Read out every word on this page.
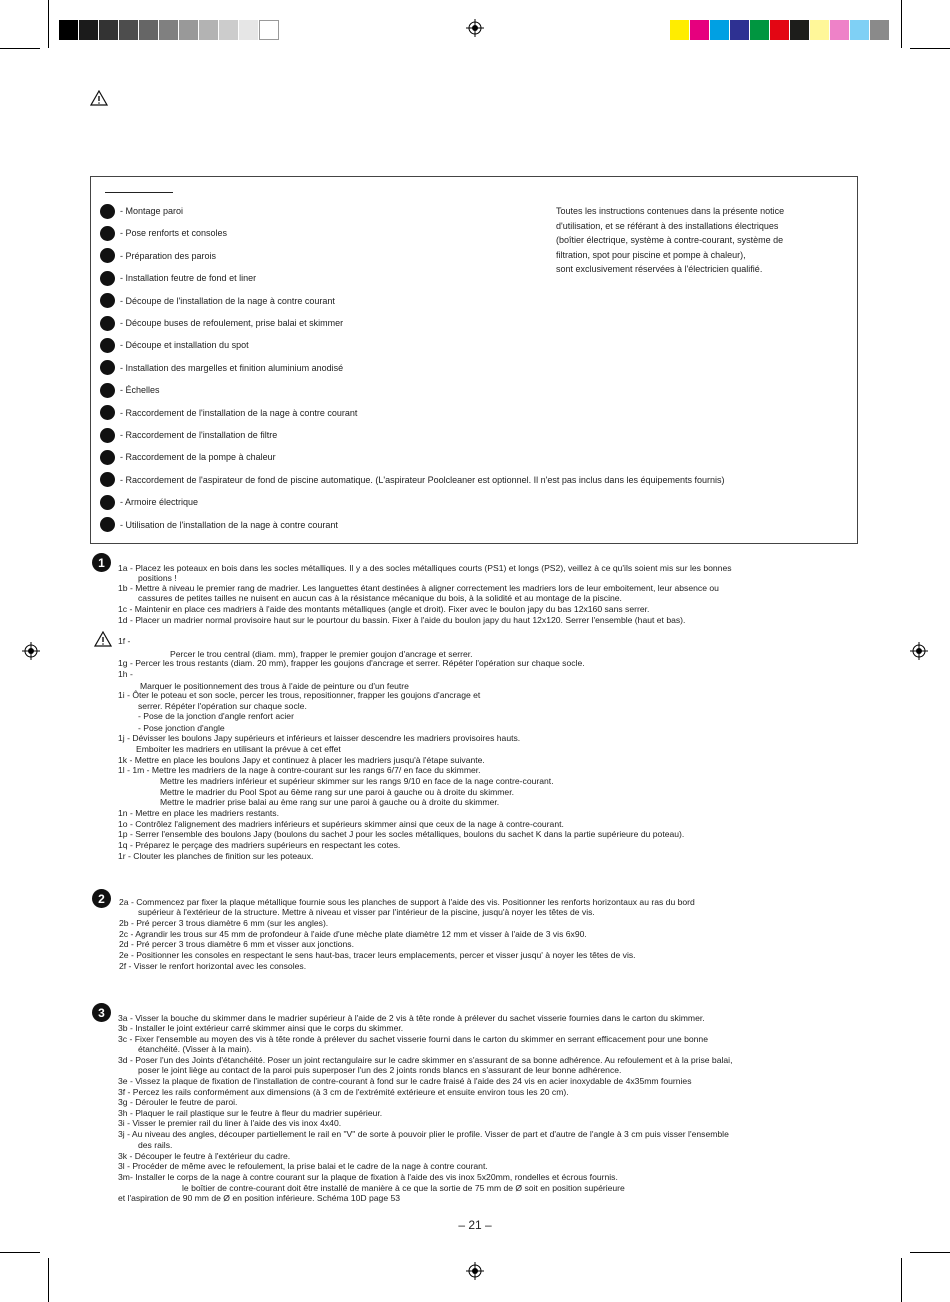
- Montage paroi
- Pose renforts et consoles
- Préparation des parois
- Installation feutre de fond et liner
- Découpe de l'installation de la nage à contre courant
- Découpe buses de refoulement, prise balai et skimmer
- Découpe et installation du spot
- Installation des margelles et finition aluminium anodisé
- Échelles
- Raccordement de l'installation de la nage à contre courant
- Raccordement de l'installation de filtre
- Raccordement de la pompe à chaleur
- Raccordement de l'aspirateur de fond de piscine automatique. (L'aspirateur Poolcleaner est optionnel. Il n'est pas inclus dans les équipements fournis)
- Armoire électrique
- Utilisation de l'installation de la nage à contre courant
Toutes les instructions contenues dans la présente notice
d'utilisation, et se référant à des installations électriques
(boîtier électrique, système à contre-courant, système de
filtration, spot pour piscine et pompe à chaleur),
sont exclusivement réservées à l'électricien qualifié.
1
2
3
1a - Placez les poteaux en bois dans les socles métalliques. Il y a des socles métalliques courts (PS1) et longs (PS2), veillez à ce qu'ils soient mis sur les bonnes
positions !
1b - Mettre à niveau le premier rang de madrier. Les languettes étant destinées à aligner correctement les madriers lors de leur emboitement, leur absence ou
cassures de petites tailles ne nuisent en aucun cas à la résistance mécanique du bois, à la solidité et au montage de la piscine.
1c - Maintenir en place ces madriers à l'aide des montants métalliques (angle et droit). Fixer avec le boulon japy du bas 12x160 sans serrer.
1d - Placer un madrier normal provisoire haut sur le pourtour du bassin. Fixer à l'aide du boulon japy du haut 12x120. Serrer l'ensemble (haut et bas).
1f -
Percer le trou central (diam. mm), frapper le premier goujon d'ancrage et serrer.
1g - Percer les trous restants (diam. 20 mm), frapper les goujons d'ancrage et serrer. Répéter l'opération sur chaque socle.
1h -
Marquer le positionnement des trous à l'aide de peinture ou d'un feutre
1i - Ôter le poteau et son socle, percer les trous, repositionner, frapper les goujons d'ancrage et
serrer. Répéter l'opération sur chaque socle.
- Pose de la jonction d'angle renfort acier
- Pose jonction d'angle
1j - Dévisser les boulons Japy supérieurs et inférieurs et laisser descendre les madriers provisoires hauts.
Emboiter les madriers en utilisant la prévue à cet effet
1k - Mettre en place les boulons Japy et continuez à placer les madriers jusqu'à l'étape suivante.
1l - 1m - Mettre les madriers de la nage à contre-courant sur les rangs 6/7/ en face du skimmer.
Mettre les madriers inférieur et supérieur skimmer sur les rangs 9/10 en face de la nage contre-courant.
Mettre le madrier du Pool Spot au 6ème rang sur une paroi à gauche ou à droite du skimmer.
Mettre le madrier prise balai au ème rang sur une paroi à gauche ou à droite du skimmer.
1n - Mettre en place les madriers restants.
1o - Contrôlez l'alignement des madriers inférieurs et supérieurs skimmer ainsi que ceux de la nage à contre-courant.
1p - Serrer l'ensemble des boulons Japy (boulons du sachet J pour les socles métalliques, boulons du sachet K dans la partie supérieure du poteau).
1q - Préparez le perçage des madriers supérieurs en respectant les cotes.
1r - Clouter les planches de finition sur les poteaux.
2a - Commencez par fixer la plaque métallique fournie sous les planches de support à l'aide des vis. Positionner les renforts horizontaux au ras du bord
supérieur à l'extérieur de la structure. Mettre à niveau et visser par l'intérieur de la piscine, jusqu'à noyer les têtes de vis.
2b - Pré percer 3 trous diamètre 6 mm (sur les angles).
2c - Agrandir les trous sur 45 mm de profondeur à l'aide d'une mèche plate diamètre 12 mm et visser à l'aide de 3 vis 6x90.
2d - Pré percer 3 trous diamètre 6 mm et visser aux jonctions.
2e - Positionner les consoles en respectant le sens haut-bas, tracer leurs emplacements, percer et visser jusqu' à noyer les têtes de vis.
2f - Visser le renfort horizontal avec les consoles.
3a - Visser la bouche du skimmer dans le madrier supérieur à l'aide de 2 vis à tête ronde à prélever du sachet visserie fournies dans le carton du skimmer.
3b - Installer le joint extérieur carré skimmer ainsi que le corps du skimmer.
3c - Fixer l'ensemble au moyen des vis à tête ronde à prélever du sachet visserie fourni dans le carton du skimmer en serrant efficacement pour une bonne
étanchéité. (Visser à la main).
3d - Poser l'un des Joints d'étanchéité. Poser un joint rectangulaire sur le cadre skimmer en s'assurant de sa bonne adhérence. Au refoulement et à la prise balai,
poser le joint liège au contact de la paroi puis superposer l'un des 2 joints ronds blancs en s'assurant de leur bonne adhérence.
3e - Vissez la plaque de fixation de l'installation de contre-courant à fond sur le cadre fraisé à l'aide des 24 vis en acier inoxydable de 4x35mm fournies
3f - Percez les rails conformément aux dimensions (à 3 cm de l'extrémité extérieure et ensuite environ tous les 20 cm).
3g - Dérouler le feutre de paroi.
3h - Plaquer le rail plastique sur le feutre à fleur du madrier supérieur.
3i - Visser le premier rail du liner à l'aide des vis inox 4x40.
3j - Au niveau des angles, découper partiellement le rail en "V" de sorte à pouvoir plier le profile. Visser de part et d'autre de l'angle à 3 cm puis visser l'ensemble
des rails.
3k - Découper le feutre à l'extérieur du cadre.
3l - Procéder de même avec le refoulement, la prise balai et le cadre de la nage à contre courant.
3m- Installer le corps de la nage à contre courant sur la plaque de fixation à l'aide des vis inox 5x20mm, rondelles et écrous fournis.
le boîtier de contre-courant doit être installé de manière à ce que la sortie de 75 mm de Ø soit en position supérieure
et l'aspiration de 90 mm de Ø en position inférieure. Schéma 10D page 53
– 21 –
